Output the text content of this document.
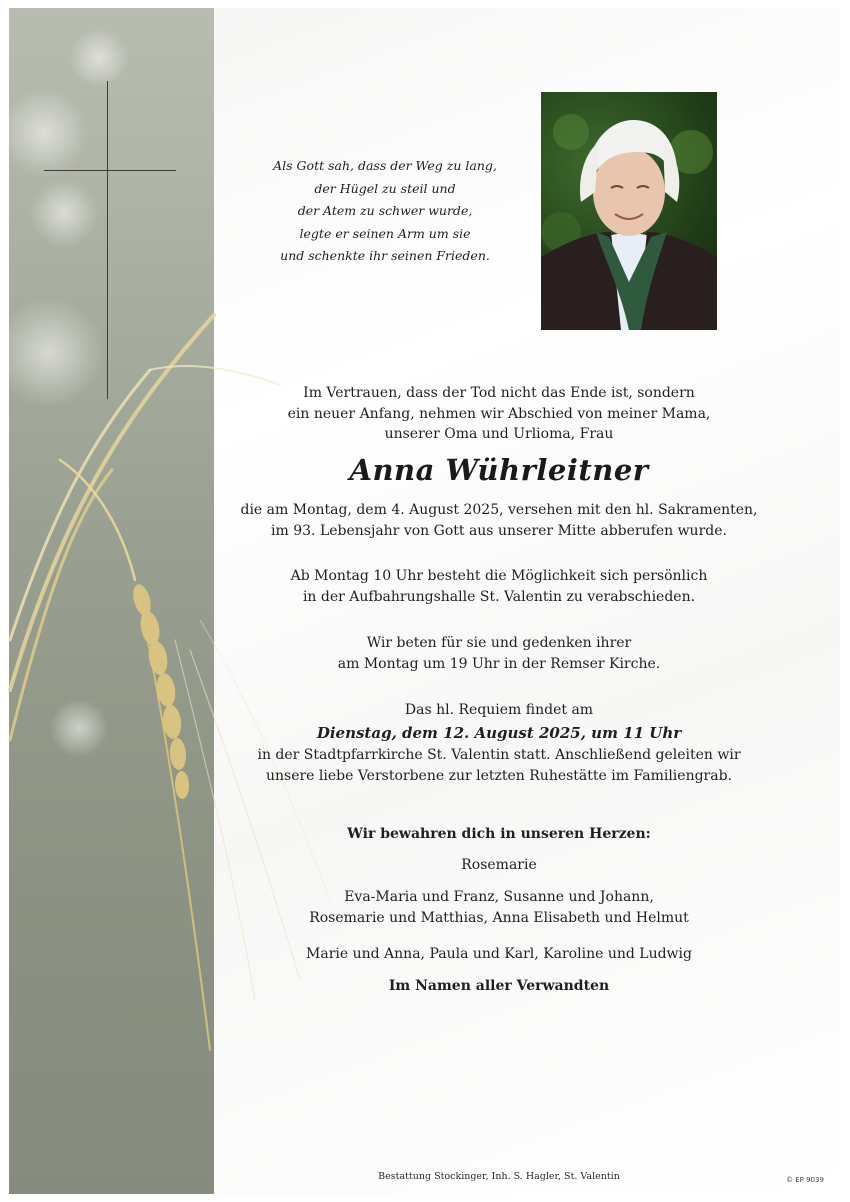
Als Gott sah, dass der Weg zu lang,
der Hügel zu steil und
der Atem zu schwer wurde,
legte er seinen Arm um sie
und schenkte ihr seinen Frieden.

Im Vertrauen, dass der Tod nicht das Ende ist, sondern

ein neuer Anfang, nehmen wir Abschied von meiner Mama,

unserer Oma und Urlioma, Frau

Anna Wührleitner

die am Montag, dem 4. August 2025, versehen mit den hl. Sakramenten,

im 93. Lebensjahr von Gott aus unserer Mitte abberufen wurde.

Ab Montag 10 Uhr besteht die Möglichkeit sich persönlich

in der Aufbahrungshalle St. Valentin zu verabschieden.

Wir beten für sie und gedenken ihrer

am Montag um 19 Uhr in der Remser Kirche.

Das hl. Requiem findet am

Dienstag, dem 12. August 2025, um 11 Uhr

in der Stadtpfarrkirche St. Valentin statt. Anschließend geleiten wir

unsere liebe Verstorbene zur letzten Ruhestätte im Familiengrab.

Wir bewahren dich in unseren Herzen:
Rosemarie

Eva-Maria und Franz, Susanne und Johann,

Rosemarie und Matthias, Anna Elisabeth und Helmut

Marie und Anna, Paula und Karl, Karoline und Ludwig
Im Namen aller Verwandten
Bestattung Stockinger, Inh. S. Hagler, St. Valentin	© EP 9039
